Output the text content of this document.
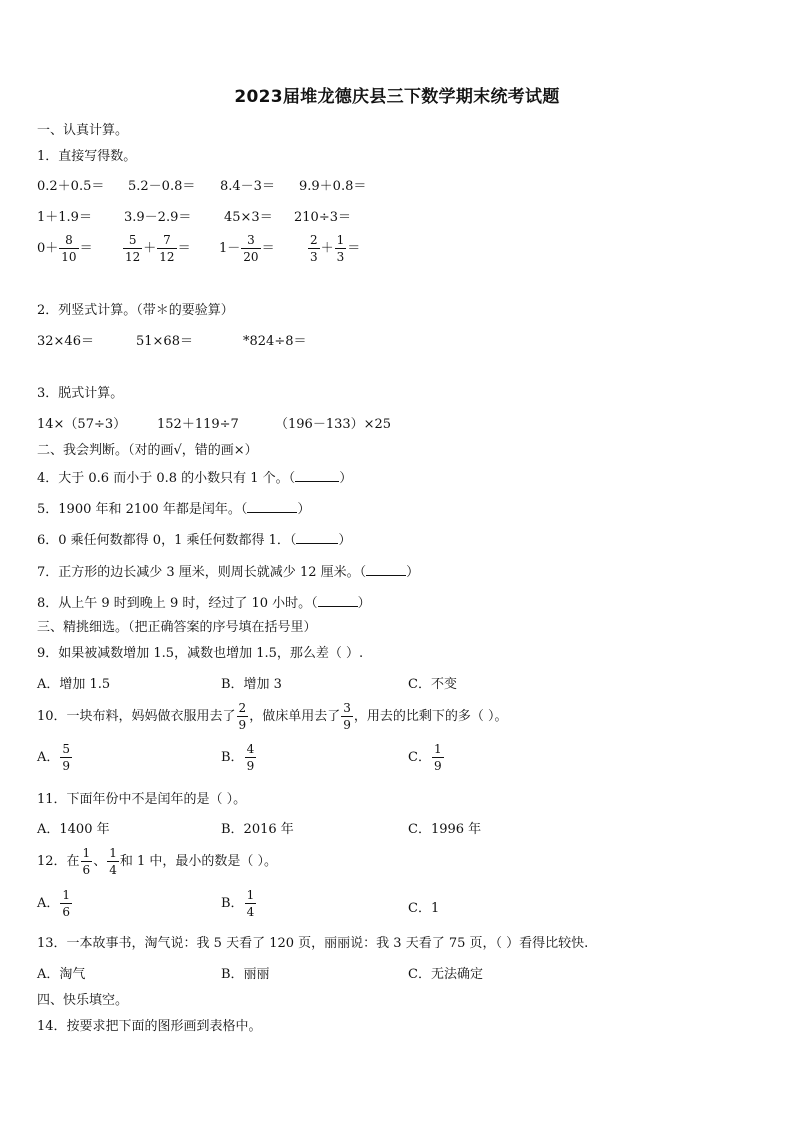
2023届堆龙德庆县三下数学期末统考试题
一、认真计算。
1．直接写得数。
0.2＋0.5＝ 5.2－0.8＝ 8.4－3＝ 9.9＋0.8＝
1＋1.9＝ 3.9－2.9＝	45×3＝ 210÷3＝
$0+ \frac{8}{10}$ ＝	$\frac{5}{12} + \frac{7}{12} = 1- \frac{3}{20}$ ＝	$\frac{2}{3} + \frac{1}{3}$ ＝
2．列竖式计算。（带＊的要验算）
32×46＝	51×68＝	*824÷8＝
3．脱式计算。
14×（57÷3） 152＋119÷7	（196－133）×25
二、我会判断。（对的画√，错的画×）
4．大于 0.6 而小于 0.8 的小数只有 1 个。（	）
5．1900 年和 2100 年都是闰年。（	）
6．0 乘任何数都得 0，1 乘任何数都得 1．（	）
7．正方形的边长减少 3 厘米，则周长就减少 12 厘米。（	）
8．从上午 9 时到晚上 9 时，经过了 10 小时。（	）
三、精挑细选。（把正确答案的序号填在括号里）
9．如果被减数增加 1.5，减数也增加 1.5，那么差（ ）.
A．增加 1.5	B．增加 3	C．不变
10．一块布料，妈妈做衣服用去了 $\frac{2}{9}$ ，做床单用去了 $\frac{3}{9}$ ，用去的比剩下的多（ ）。
A． $\frac{5}{9}$	B． $\frac{4}{9}$	C． $\frac{1}{9}$
11．下面年份中不是闰年的是（ ）。
A．1400 年	B．2016 年	C．1996 年
12．在 $\frac{1}{6}$ 、 $\frac{1}{4}$ 和 1 中，最小的数是（ ）。
A． $\frac{1}{6}$	B． $\frac{1}{4}$	C．1
13．一本故事书，淘气说：我 5 天看了 120 页，丽丽说：我 3 天看了 75 页，（ ）看得比较快.
A．淘气	B．丽丽	C．无法确定
四、快乐填空。
14．按要求把下面的图形画到表格中。
